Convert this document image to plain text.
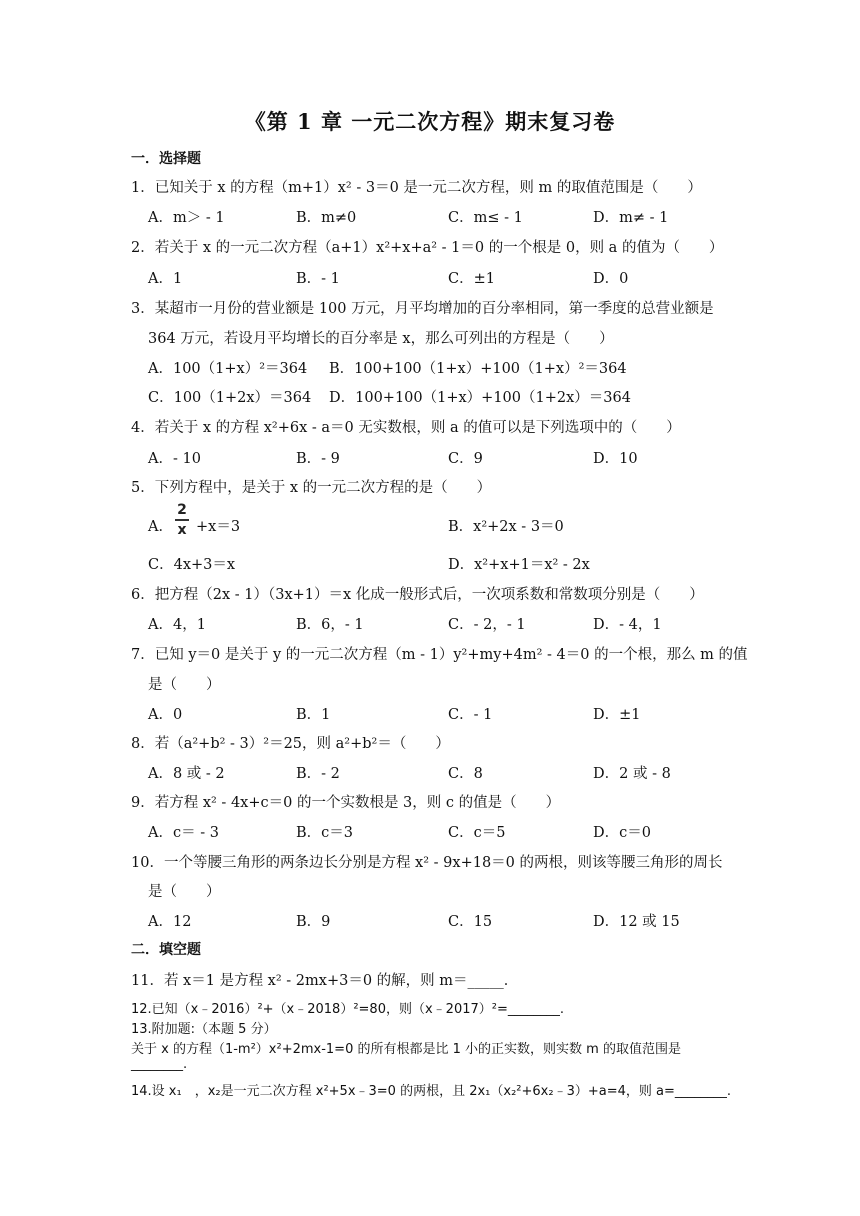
《第 1 章 一元二次方程》期末复习卷
一．选择题
1．已知关于 x 的方程（m+1）x² ‑ 3＝0 是一元二次方程，则 m 的取值范围是（　　）
A．m＞ ‑ 1	B．m≠0	C．m≤ ‑ 1	D．m≠ ‑ 1
2．若关于 x 的一元二次方程（a+1）x²+x+a² ‑ 1＝0 的一个根是 0，则 a 的值为（　　）
A．1	B．‑ 1	C．±1	D．0
3．某超市一月份的营业额是 100 万元，月平均增加的百分率相同，第一季度的总营业额是
364 万元，若设月平均增长的百分率是 x，那么可列出的方程是（　　）
A．100（1+x）²＝364 B．100+100（1+x）+100（1+x）²＝364
C．100（1+2x）＝364 D．100+100（1+x）+100（1+2x）＝364
4．若关于 x 的方程 x²+6x ‑ a＝0 无实数根，则 a 的值可以是下列选项中的（　　）
A．‑ 10	B．‑ 9	C．9	D．10
5．下列方程中，是关于 x 的一元二次方程的是（　　）
A．
2
x +x＝3	B．x²+2x ‑ 3＝0
C．4x+3＝x	D．x²+x+1＝x² ‑ 2x
6．把方程（2x ‑ 1）（3x+1）＝x 化成一般形式后，一次项系数和常数项分别是（　　）
A．4，1	B．6，‑ 1	C．‑ 2，‑ 1	D．‑ 4，1
7．已知 y＝0 是关于 y 的一元二次方程（m ‑ 1）y²+my+4m² ‑ 4＝0 的一个根，那么 m 的值
是（　　）
A．0	B．1	C．‑ 1	D．±1
8．若（a²+b² ‑ 3）²＝25，则 a²+b²＝（　　）
A．8 或 ‑ 2	B．‑ 2	C．8	D．2 或 ‑ 8
9．若方程 x² ‑ 4x+c＝0 的一个实数根是 3，则 c 的值是（　　）
A．c＝ ‑ 3	B．c＝3	C．c＝5	D．c＝0
10．一个等腰三角形的两条边长分别是方程 x² ‑ 9x+18＝0 的两根，则该等腰三角形的周长
是（　　）
A．12	B．9	C．15	D．12 或 15
二．填空题
11．若 x＝1 是方程 x² ‑ 2mx+3＝0 的解，则 m＝_____．
12.已知（x﹣2016）²+（x﹣2018）²=80，则（x﹣2017）²=________.
13.附加题:（本题 5 分）
关于 x 的方程（1-m²）x²+2mx-1=0 的所有根都是比 1 小的正实数，则实数 m 的取值范围是
________.
14.设 x₁　，x₂是一元二次方程 x²+5x﹣3=0 的两根，且 2x₁（x₂²+6x₂﹣3）+a=4，则 a=________.
